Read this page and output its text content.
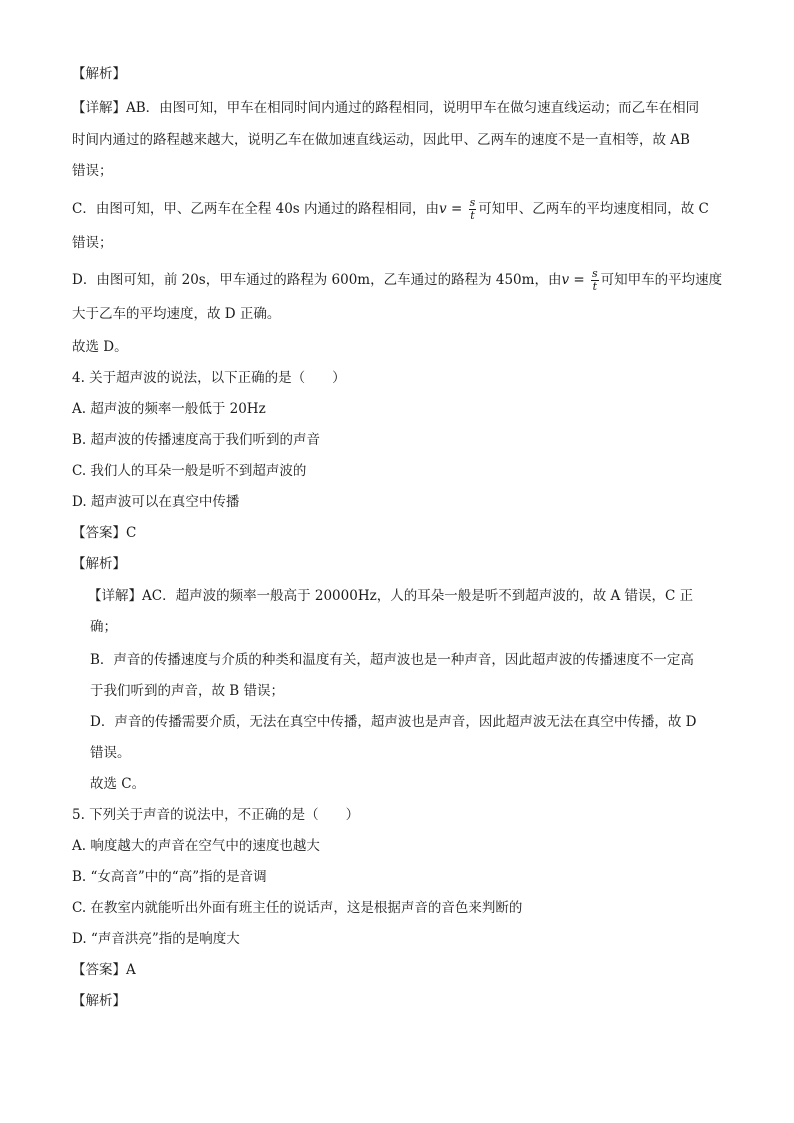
【解析】
【详解】AB．由图可知，甲车在相同时间内通过的路程相同，说明甲车在做匀速直线运动；而乙车在相同
时间内通过的路程越来越大，说明乙车在做加速直线运动，因此甲、乙两车的速度不是一直相等，故 AB
错误；
C．由图可知，甲、乙两车在全程 40s 内通过的路程相同，由$v = \frac{s}{t}$ 可知甲、乙两车的平均速度相同，故 C
错误；
D．由图可知，前 20s，甲车通过的路程为 600m，乙车通过的路程为 450m，由$v = \frac{s}{t}$ 可知甲车的平均速度
大于乙车的平均速度，故 D 正确。
故选 D。
4. 关于超声波的说法，以下正确的是（　　）
A. 超声波的频率一般低于 20Hz
B. 超声波的传播速度高于我们听到的声音
C. 我们人的耳朵一般是听不到超声波的
D. 超声波可以在真空中传播
【答案】C
【解析】
【详解】AC．超声波的频率一般高于 20000Hz，人的耳朵一般是听不到超声波的，故 A 错误，C 正
确；
B．声音的传播速度与介质的种类和温度有关，超声波也是一种声音，因此超声波的传播速度不一定高
于我们听到的声音，故 B 错误；
D．声音的传播需要介质，无法在真空中传播，超声波也是声音，因此超声波无法在真空中传播，故 D
错误。
故选 C。
5. 下列关于声音的说法中，不正确的是（　　）
A. 响度越大的声音在空气中的速度也越大
B. “女高音”中的“高”指的是音调
C. 在教室内就能听出外面有班主任的说话声，这是根据声音的音色来判断的
D. “声音洪亮”指的是响度大
【答案】A
【解析】
